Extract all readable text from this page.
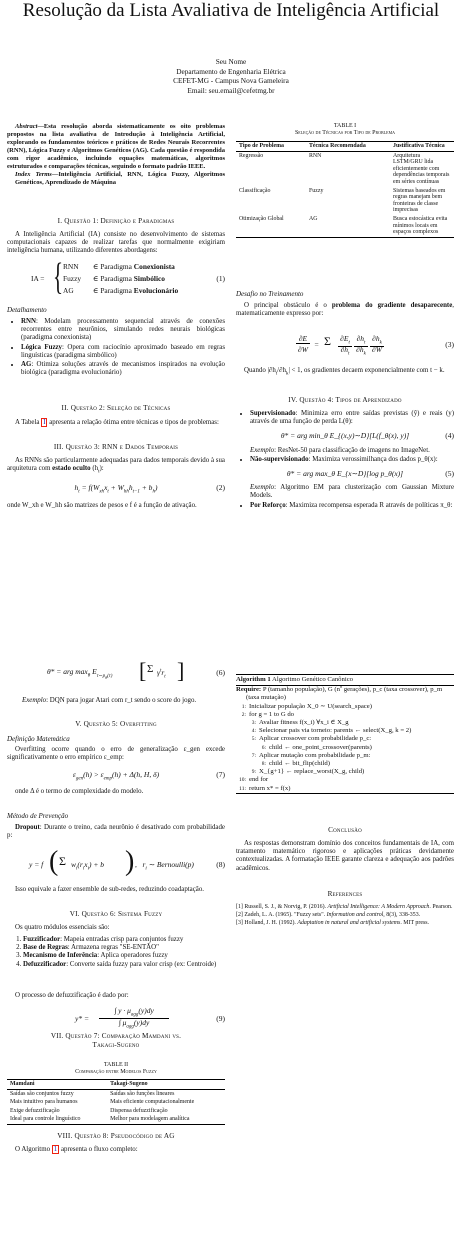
Resolução da Lista Avaliativa de Inteligência Artificial
Seu Nome
Departamento de Engenharia Elétrica
CEFET-MG - Campus Nova Gameleira
Email: seu.email@cefetmg.br
Abstract—Esta resolução aborda sistematicamente os oito problemas propostos na lista avaliativa de Introdução à Inteligência Artificial, explorando os fundamentos teóricos e práticos de Redes Neurais Recorrentes (RNN), Lógica Fuzzy e Algoritmos Genéticos (AG). Cada questão é respondida com rigor acadêmico, incluindo equações matemáticas, algoritmos estruturados e comparações técnicas, seguindo o formato padrão IEEE.
Index Terms—Inteligência Artificial, RNN, Lógica Fuzzy, Algoritmos Genéticos, Aprendizado de Máquina
I. Questão 1: Definição e Paradigmas
A Inteligência Artificial (IA) consiste no desenvolvimento de sistemas computacionais capazes de realizar tarefas que normalmente exigiriam inteligência humana, utilizando diferentes abordagens:
IA = { RNN ∈ Paradigma Conexionista
Fuzzy ∈ Paradigma Simbólico
AG	∈ Paradigma Evolucionário
(1)
Detalhamento
• RNN: Modelam processamento sequencial através de conexões recorrentes entre neurônios, simulando redes neurais biológicas (paradigma conexionista)
• Lógica Fuzzy: Opera com raciocínio aproximado baseado em regras linguísticas (paradigma simbólico)
• AG: Otimiza soluções através de mecanismos inspirados na evolução biológica (paradigma evolucionário)
II. Questão 2: Seleção de Técnicas
A Tabela I apresenta a relação ótima entre técnicas e tipos de problemas:
III. Questão 3: RNN e Dados Temporais
As RNNs são particularmente adequadas para dados temporais devido à sua arquitetura com estado oculto $(h_t)$:
$h_t = f(W_{xh}x_t + W_{hh}h_{t-1} + b_h)$	(2)
onde W_xh e W_hh são matrizes de pesos e f é a função de ativação.
θ* = arg $\max_\theta E_{\tau\sim p_\theta(\tau)}$ [ Σ $\gamma^tr_t$ ]	(6)
Exemplo: DQN para jogar Atari com r_t sendo o score do jogo.
V. Questão 5: Overfitting
Definição Matemática
Overfitting ocorre quando o erro de generalização ε_gen excede significativamente o erro empírico ε_emp:
$\varepsilon_{gen}(h) > \varepsilon_{emp}(h) + \Delta(h$, H, δ)	(7)
onde Δ é o termo de complexidade do modelo.
Método de Prevenção
Dropout: Durante o treino, cada neurônio é desativado com probabilidade p:
y = f ( Σ $w_i(r_ix_i) + b$ ) ,   $r_i$ ∼ Bernoulli(p)	(8)
Isso equivale a fazer ensemble de sub-redes, reduzindo coadaptação.
VI. Questão 6: Sistema Fuzzy
Os quatro módulos essenciais são:
1. Fuzzificador: Mapeia entradas crisp para conjuntos fuzzy
2. Base de Regras: Armazena regras "SE-ENTÃO"
3. Mecanismo de Inferência: Aplica operadores fuzzy
4. Defuzzificador: Converte saída fuzzy para valor crisp (ex: Centroide)
O processo de defuzzificação é dado por:
y* =
∫ $y \cdot \mu_{agg}(y)dy$
∫ $\mu_{agg}(y)dy$	(9)
VII. Questão 7: Comparação Mamdani vs.
Takagi-Sugeno
TABLE II
Comparação entre Modelos Fuzzy
Mamdani	Takagi-Sugeno
Saídas são conjuntos fuzzy	Saídas são funções lineares
Mais intuitivo para humanos	Mais eficiente computacionalmente
Exige defuzzificação	Dispensa defuzzificação
Ideal para controle linguístico	Melhor para modelagem analítica
VIII. Questão 8: Pseudocódigo de AG
O Algoritmo 1 apresenta o fluxo completo:
TABLE I
Seleção de Técnicas por Tipo de Problema
Tipo de Problema	Técnica Recomendada	Justificativa Técnica
Regressão	RNN	Arquitetura LSTM/GRU lida eficientemente com dependências temporais em séries contínuas
Classificação	Fuzzy	Sistemas baseados em regras manejam bem fronteiras de classe imprecisas
Otimização Global	AG	Busca estocástica evita mínimos locais em espaços complexos
Desafio no Treinamento
O principal obstáculo é o problema do gradiente desaparecente, matematicamente expresso por:
∂E
∂W
= Σ $\partial E_t$
$\partial h_t$
$\partial h_t$
$\partial h_k$
$\partial h_k$
∂W
(3)
Quando $|\partial h_t/\partial h_k| < 1$, os gradientes decaem exponencialmente com t − k.
IV. Questão 4: Tipos de Aprendizado
• Supervisionado: Minimiza erro entre saídas previstas (ŷ) e reais (y) através de uma função de perda L(θ):
θ* = arg min_θ E_{(x,y)∼D}[L(f_θ(x), y)]	(4)
Exemplo: ResNet-50 para classificação de imagens no ImageNet.
• Não-supervisionado: Maximiza verossimilhança dos dados p_θ(x):
θ* = arg max_θ E_{x∼D}[log p_θ(x)]	(5)
Exemplo: Algoritmo EM para clusterização com Gaussian Mixture Models.
• Por Reforço: Maximiza recompensa esperada R através de políticas π_θ:
Algorithm 1 Algoritmo Genético Canônico
Require: P (tamanho população), G (nº gerações), p_c (taxa crossover), p_m (taxa mutação)
1: Inicializar população X_0 ∼ U(search_space)
2: for g = 1 to G do
3: Avaliar fitness f(x_i) ∀x_i ∈ X_g
4: Selecionar pais via torneio: parents ← select(X_g, k = 2)
5: Aplicar crossover com probabilidade p_c:
6: child ← one_point_crossover(parents)
7: Aplicar mutação com probabilidade p_m:
8: child ← bit_flip(child)
9: X_{g+1} ← replace_worst(X_g, child)
10: end for
11: return x* = f(x)
Conclusão
As respostas demonstram domínio dos conceitos fundamentais de IA, com tratamento matemático rigoroso e aplicações práticas devidamente contextualizadas. A formatação IEEE garante clareza e adequação aos padrões acadêmicos.
References
[1] Russell, S. J., & Norvig, P. (2016). Artificial Intelligence: A Modern Approach. Pearson.
[2] Zadeh, L. A. (1965). "Fuzzy sets". Information and control, 8(3), 338-353.
[3] Holland, J. H. (1992). Adaptation in natural and artificial systems. MIT press.
